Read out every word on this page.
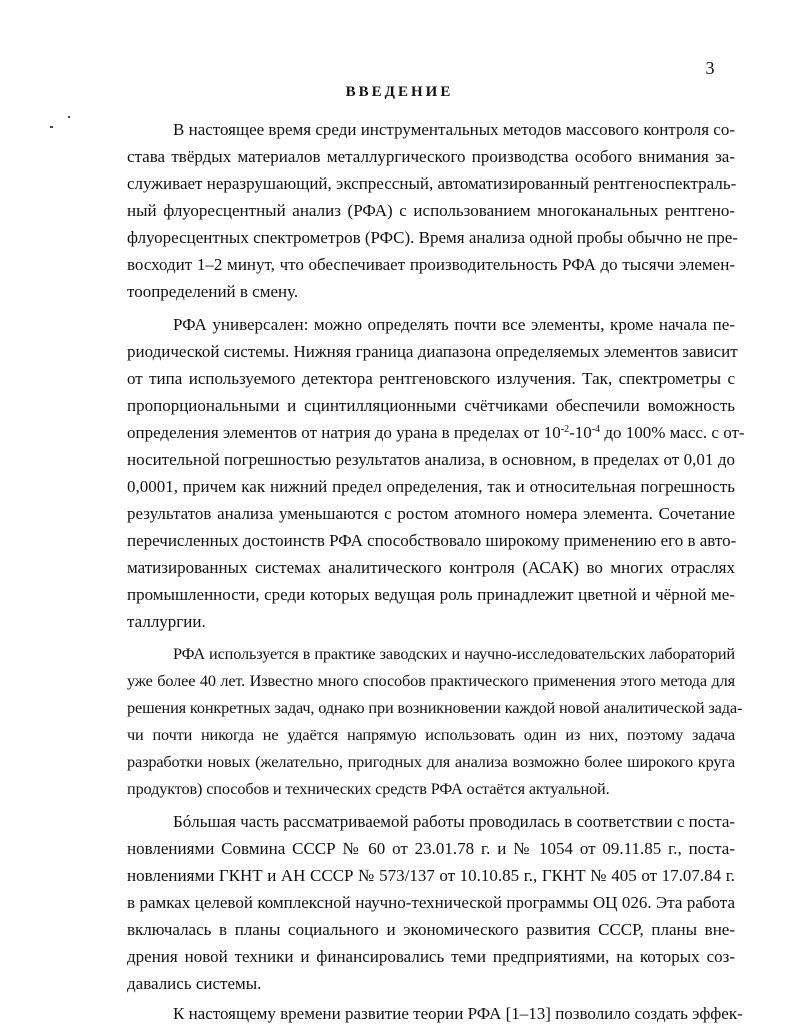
3
ВВЕДЕНИЕ
В настоящее время среди инструментальных методов массового контроля со-
става твёрдых материалов металлургического производства особого внимания за-
служивает неразрушающий, экспрессный, автоматизированный рентгеноспектраль-
ный флуоресцентный анализ (РФА) с использованием многоканальных рентгено-
флуоресцентных спектрометров (РФС). Время анализа одной пробы обычно не пре-
восходит 1–2 минут, что обеспечивает производительность РФА до тысячи элемен-
тоопределений в смену.
РФА универсален: можно определять почти все элементы, кроме начала пе-
риодической системы. Нижняя граница диапазона определяемых элементов зависит
от типа используемого детектора рентгеновского излучения. Так, спектрометры с
пропорциональными и сцинтилляционными счётчиками обеспечили воможность
определения элементов от натрия до урана в пределах от $10^{-2}-10^{-4}$ до 100% масс. с от-
носительной погрешностью результатов анализа, в основном, в пределах от 0,01 до
0,0001, причем как нижний предел определения, так и относительная погрешность
результатов анализа уменьшаются с ростом атомного номера элемента. Сочетание
перечисленных достоинств РФА способствовало широкому применению его в авто-
матизированных системах аналитического контроля (АСАК) во многих отраслях
промышленности, среди которых ведущая роль принадлежит цветной и чёрной ме-
таллургии.
РФА используется в практике заводских и научно-исследовательских лабораторий
уже более 40 лет. Известно много способов практического применения этого метода для
решения конкретных задач, однако при возникновении каждой новой аналитической зада-
чи почти никогда не удаётся напрямую использовать один из них, поэтому задача
разработки новых (желательно, пригодных для анализа возможно более широкого круга
продуктов) способов и технических средств РФА остаётся актуальной.
Бóльшая часть рассматриваемой работы проводилась в соответствии с поста-
новлениями Совмина СССР № 60 от 23.01.78 г. и № 1054 от 09.11.85 г., поста-
новлениями ГКНТ и АН СССР № 573/137 от 10.10.85 г., ГКНТ № 405 от 17.07.84 г.
в рамках целевой комплексной научно-технической программы ОЦ 026. Эта работа
включалась в планы социального и экономического развития СССР, планы вне-
дрения новой техники и финансировались теми предприятиями, на которых соз-
давались системы.
К настоящему времени развитие теории РФА [1–13] позволило создать эффек-
